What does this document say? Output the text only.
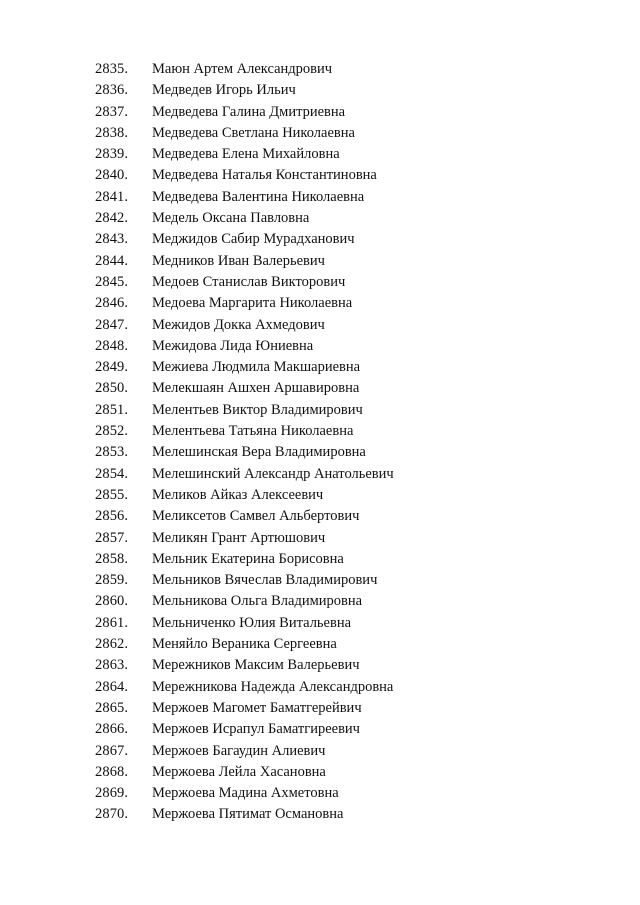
2835. Маюн Артем Александрович
2836. Медведев Игорь Ильич
2837. Медведева Галина Дмитриевна
2838. Медведева Светлана Николаевна
2839. Медведева Елена Михайловна
2840. Медведева Наталья Константиновна
2841. Медведева Валентина Николаевна
2842. Медель Оксана Павловна
2843. Меджидов Сабир Мурадханович
2844. Медников Иван Валерьевич
2845. Медоев Станислав Викторович
2846. Медоева Маргарита Николаевна
2847. Межидов Докка Ахмедович
2848. Межидова Лида Юниевна
2849. Межиева Людмила Макшариевна
2850. Мелекшаян Ашхен Аршавировна
2851. Мелентьев Виктор Владимирович
2852. Мелентьева Татьяна Николаевна
2853. Мелешинская Вера Владимировна
2854. Мелешинский Александр Анатольевич
2855. Меликов Айказ Алексеевич
2856. Меликсетов Самвел Альбертович
2857. Меликян Грант Артюшович
2858. Мельник Екатерина Борисовна
2859. Мельников Вячеслав Владимирович
2860. Мельникова Ольга Владимировна
2861. Мельниченко Юлия Витальевна
2862. Меняйло Вераника Сергеевна
2863. Мережников Максим Валерьевич
2864. Мережникова Надежда Александровна
2865. Мержоев Магомет Баматгерейвич
2866. Мержоев Исрапул Баматгиреевич
2867. Мержоев Багаудин Алиевич
2868. Мержоева Лейла Хасановна
2869. Мержоева Мадина Ахметовна
2870. Мержоева Пятимат Османовна
